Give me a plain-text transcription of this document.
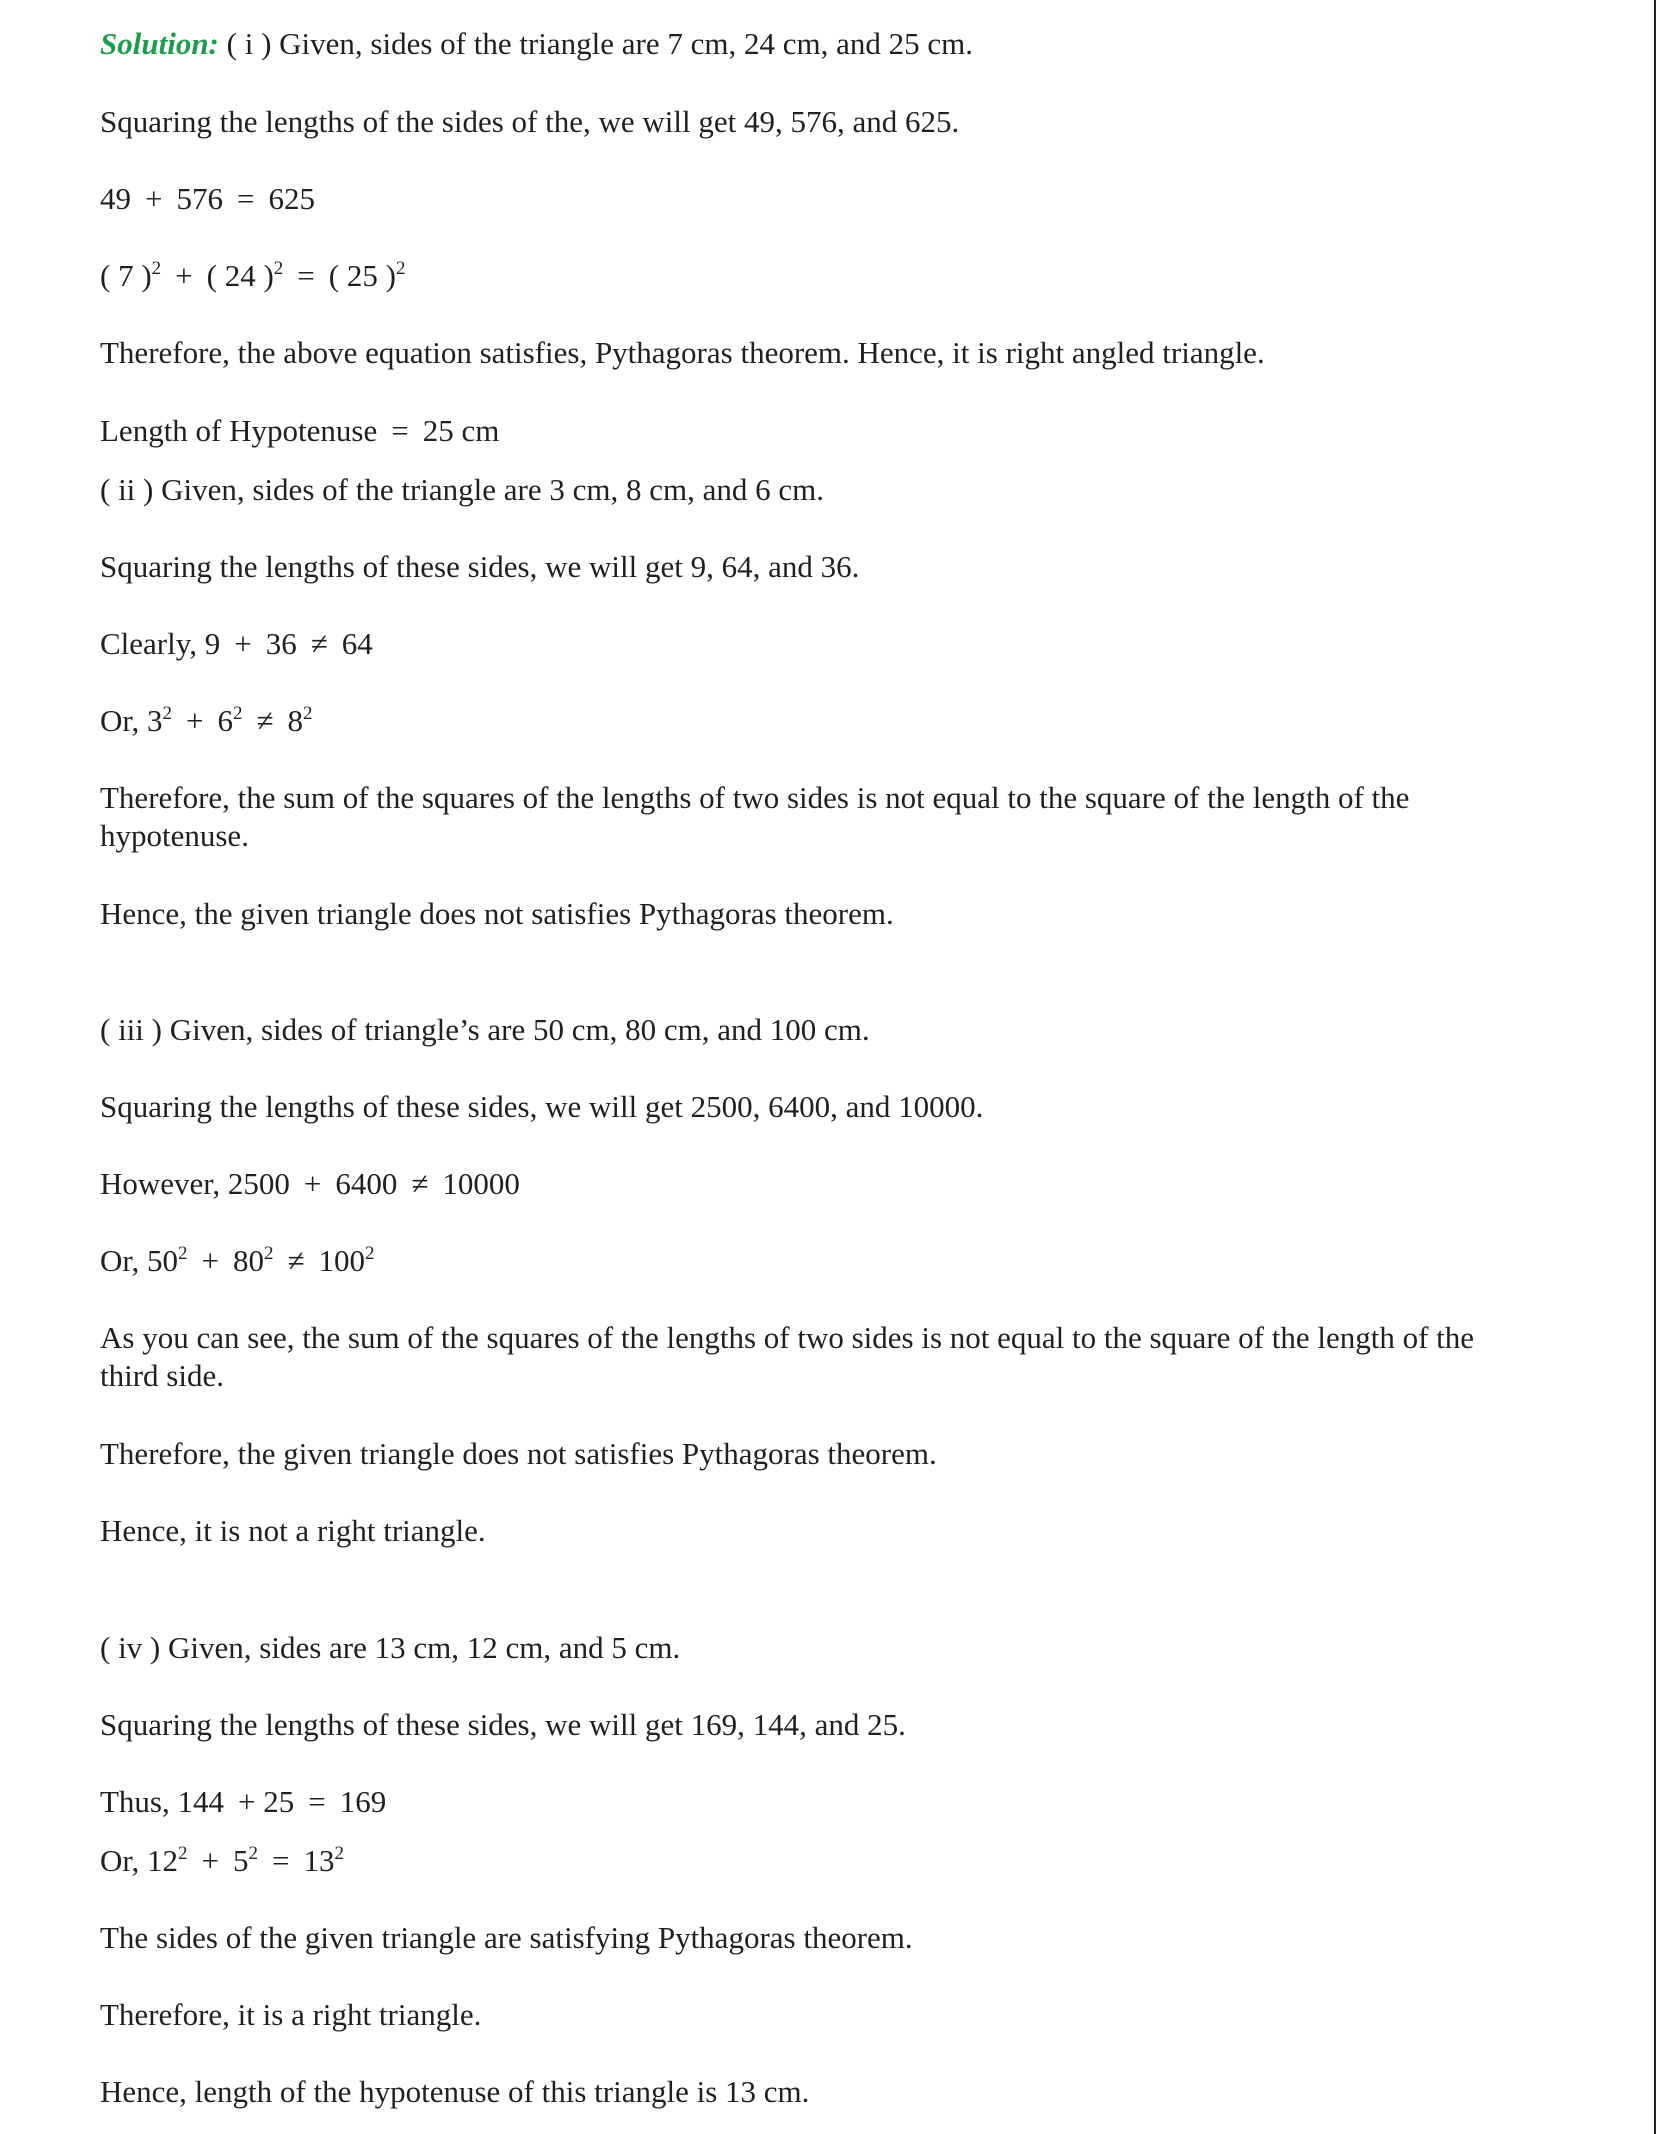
Solution: ( i ) Given, sides of the triangle are 7 cm, 24 cm, and 25 cm.

Squaring the lengths of the sides of the, we will get 49, 576, and 625.

49 + 576 = 625

( 7 )$^2$ + ( 24 )$^2$ = ( 25 )$^2$

Therefore, the above equation satisfies, Pythagoras theorem. Hence, it is right angled triangle.

Length of Hypotenuse = 25 cm

( ii ) Given, sides of the triangle are 3 cm, 8 cm, and 6 cm.

Squaring the lengths of these sides, we will get 9, 64, and 36.

Clearly, 9 + 36 ≠ 64

Or, $3^2 + 6^2 \ne 8^2$

Therefore, the sum of the squares of the lengths of two sides is not equal to the square of the length of the hypotenuse.

Hence, the given triangle does not satisfies Pythagoras theorem.

( iii ) Given, sides of triangle’s are 50 cm, 80 cm, and 100 cm.

Squaring the lengths of these sides, we will get 2500, 6400, and 10000.

However, 2500 + 6400 ≠ 10000

Or, $50^2 + 80^2 \ne 100^2$

As you can see, the sum of the squares of the lengths of two sides is not equal to the square of the length of the third side.

Therefore, the given triangle does not satisfies Pythagoras theorem.

Hence, it is not a right triangle.

( iv ) Given, sides are 13 cm, 12 cm, and 5 cm.

Squaring the lengths of these sides, we will get 169, 144, and 25.

Thus, 144 + 25 = 169

Or, $12^2 + 5^2 = 13^2$

The sides of the given triangle are satisfying Pythagoras theorem.

Therefore, it is a right triangle.

Hence, length of the hypotenuse of this triangle is 13 cm.
